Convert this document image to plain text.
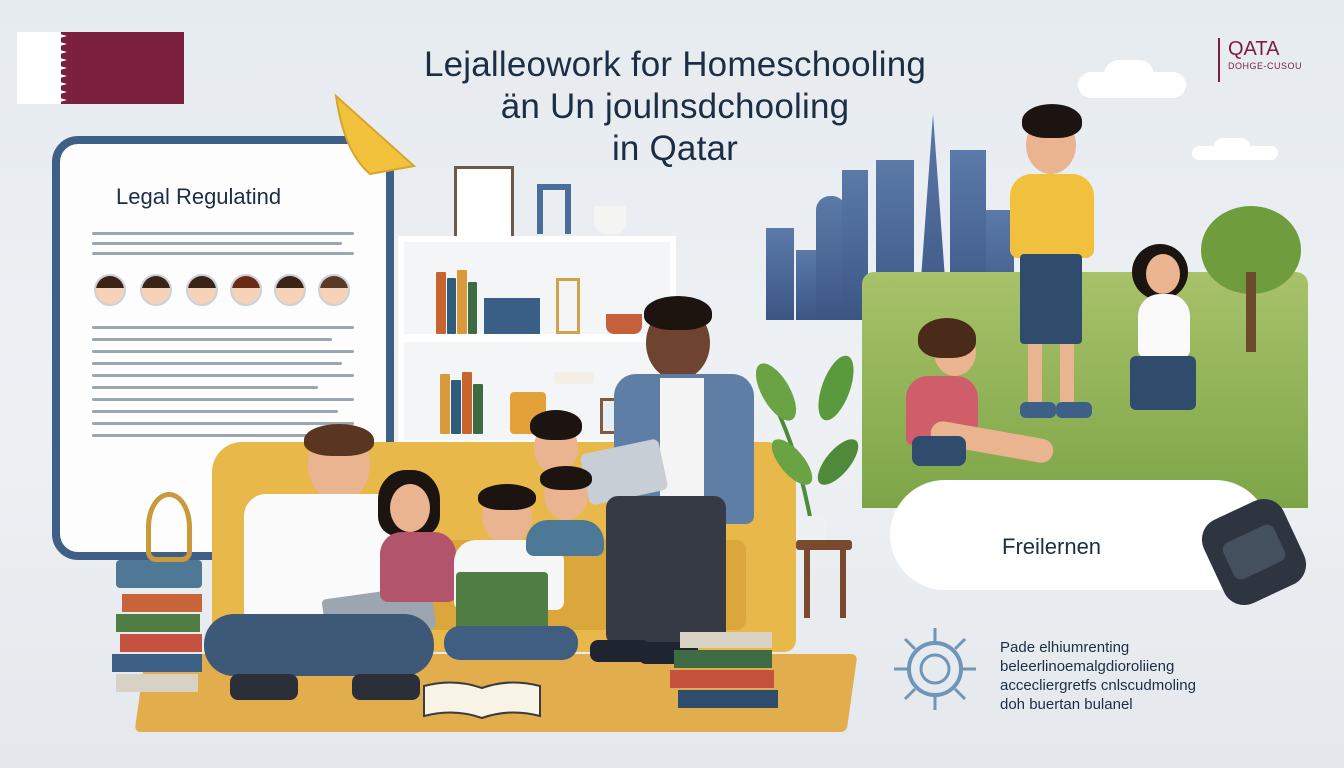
Lejalleowork for Homeschooling
än Un joulnsdchooling
in Qatar
QATA
DOHGE-CUSOU
Legal Regulatind
Freilernen
Pade elhiumrenting
beleerlinoemalgdioroliieng
accecliergretfs cnlscudmoling
doh buertan bulanel
